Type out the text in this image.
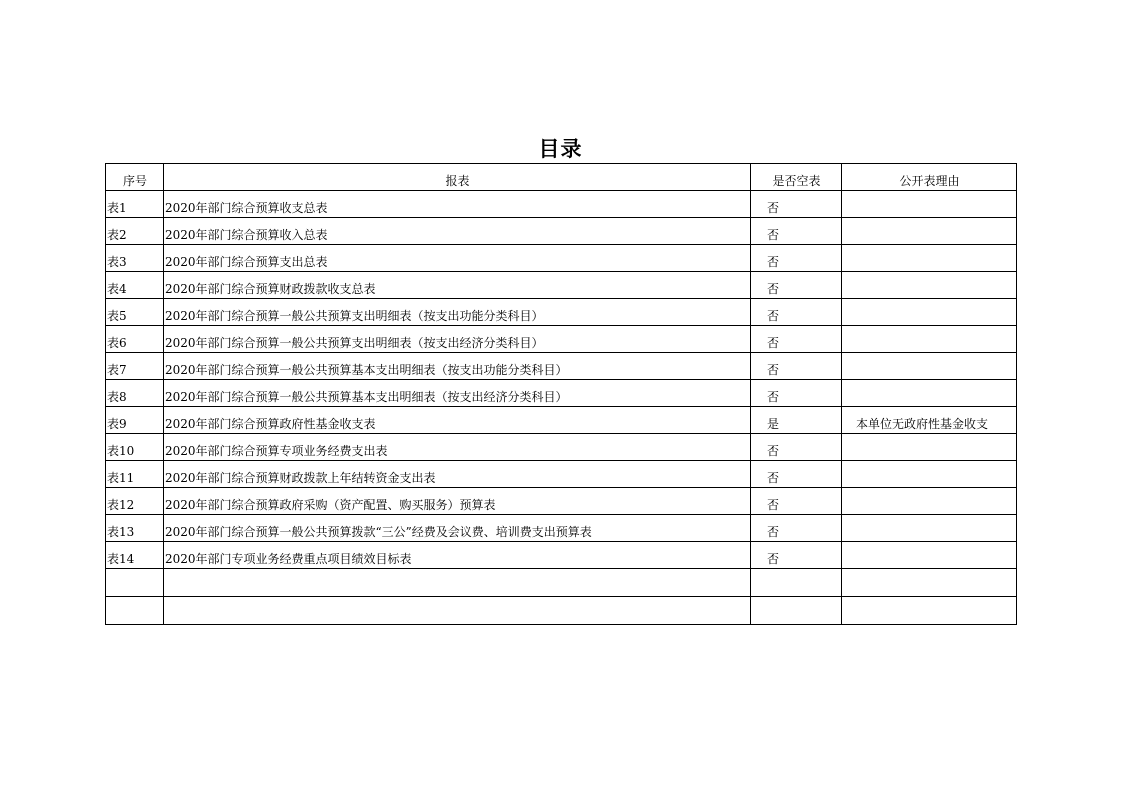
目录
序号	报表	是否空表	公开表理由
表1	2020年部门综合预算收支总表	否	
表2	2020年部门综合预算收入总表	否	
表3	2020年部门综合预算支出总表	否	
表4	2020年部门综合预算财政拨款收支总表	否	
表5	2020年部门综合预算一般公共预算支出明细表（按支出功能分类科目）	否	
表6	2020年部门综合预算一般公共预算支出明细表（按支出经济分类科目）	否	
表7	2020年部门综合预算一般公共预算基本支出明细表（按支出功能分类科目）	否	
表8	2020年部门综合预算一般公共预算基本支出明细表（按支出经济分类科目）	否	
表9	2020年部门综合预算政府性基金收支表	是	本单位无政府性基金收支
表10	2020年部门综合预算专项业务经费支出表	否	
表11	2020年部门综合预算财政拨款上年结转资金支出表	否	
表12	2020年部门综合预算政府采购（资产配置、购买服务）预算表	否	
表13	2020年部门综合预算一般公共预算拨款“三公”经费及会议费、培训费支出预算表	否	
表14	2020年部门专项业务经费重点项目绩效目标表	否	
